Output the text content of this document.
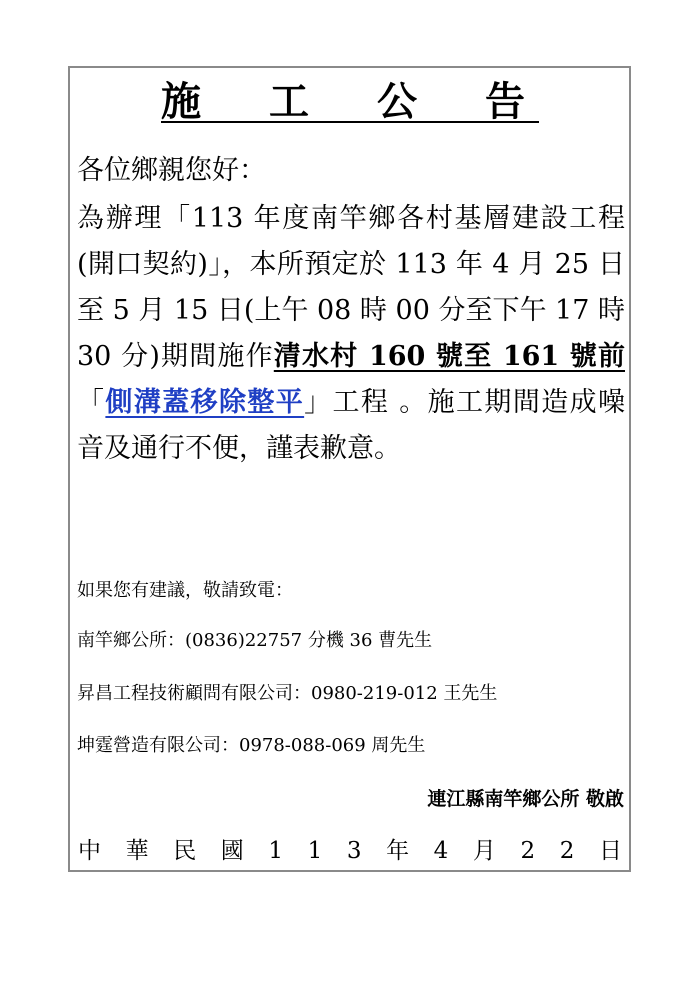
施　工　公　告
各位鄉親您好：
為辦理「113 年度南竿鄉各村基層建設工程(開口契約)」，本所預定於 113 年 4 月 25 日至 5 月 15 日(上午 08 時 00 分至下午 17 時 30 分)期間施作清水村 160 號至 161 號前「側溝蓋移除整平」工程 。施工期間造成噪音及通行不便，謹表歉意。
如果您有建議，敬請致電：
南竿鄉公所：(0836)22757 分機 36 曹先生
昇昌工程技術顧問有限公司：0980-219-012 王先生
坤霆營造有限公司：0978-088-069 周先生
連江縣南竿鄉公所 敬啟
中 華 民 國 1 1 3 年 4 月 2 2 日
